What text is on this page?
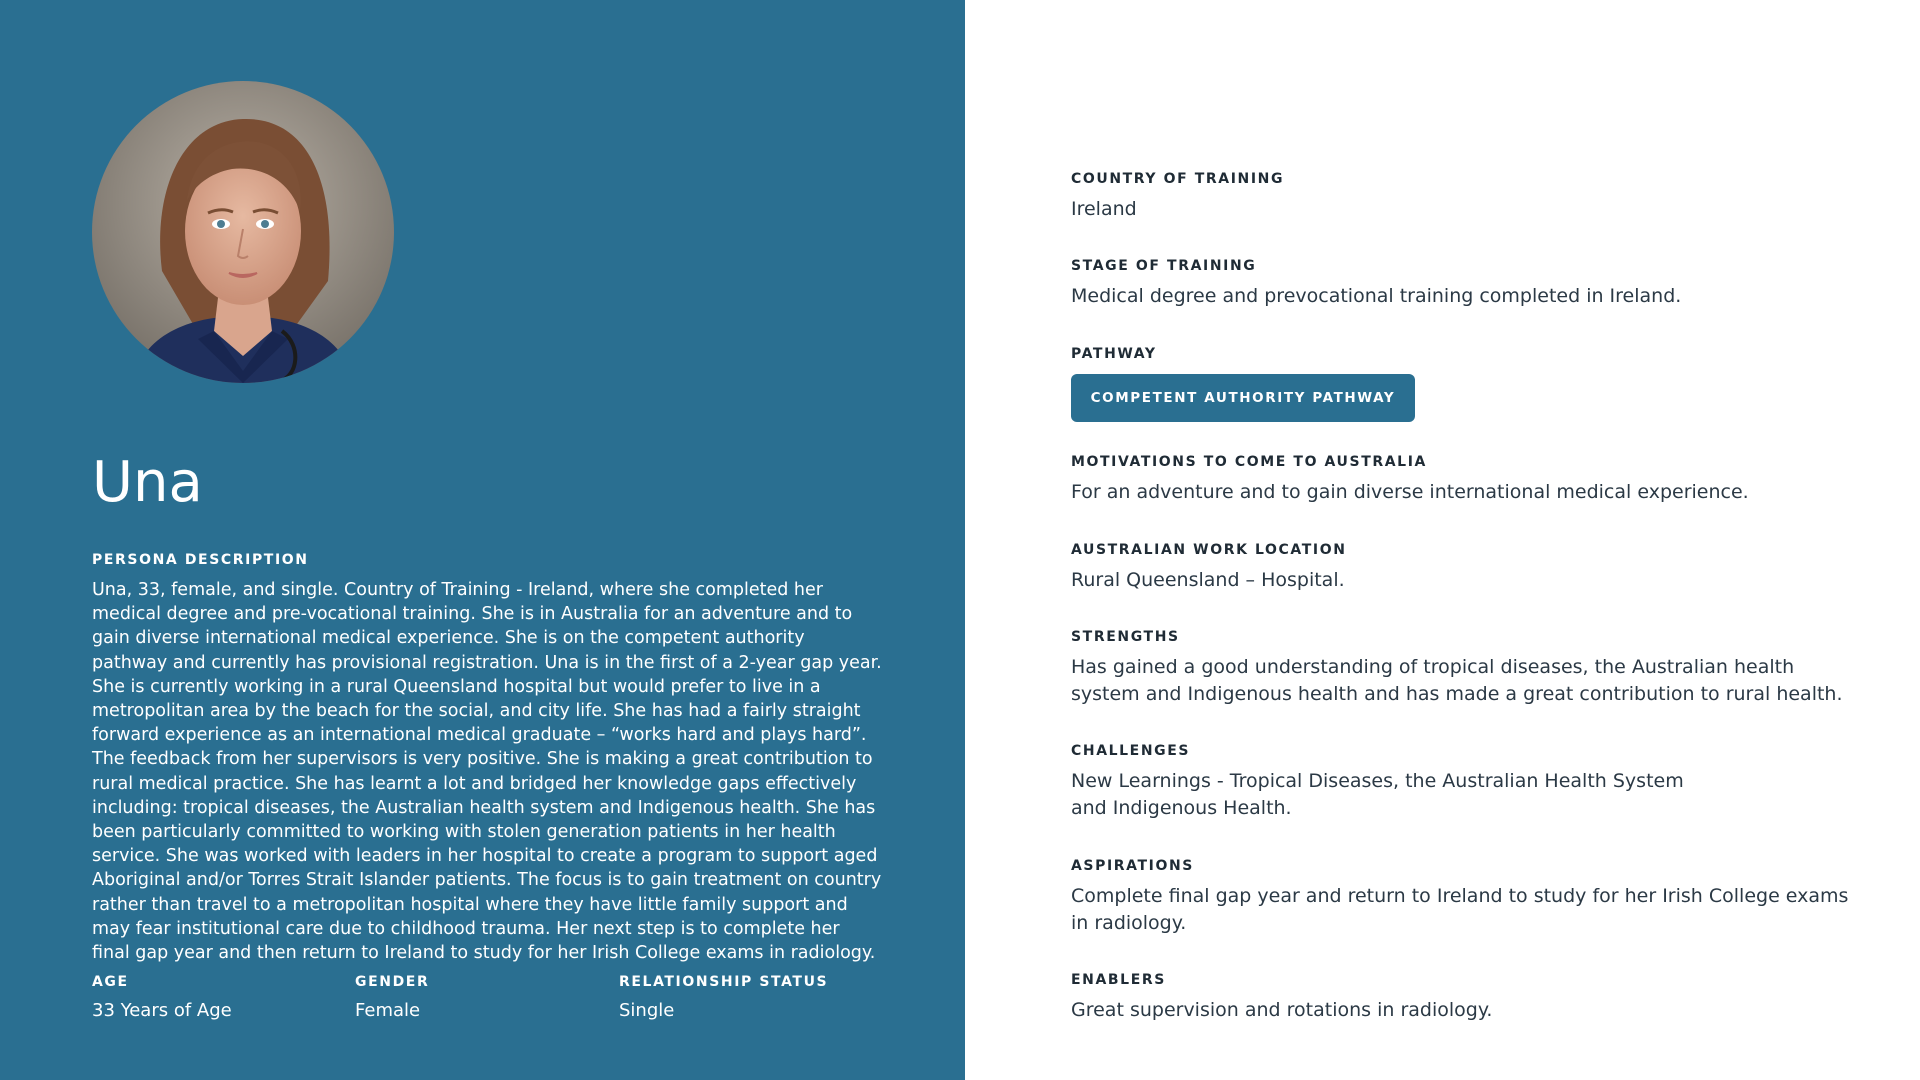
Una
PERSONA DESCRIPTION
Una, 33, female, and single. Country of Training - Ireland, where she completed her medical degree and pre-vocational training. She is in Australia for an adventure and to gain diverse international medical experience. She is on the competent authority pathway and currently has provisional registration. Una is in the first of a 2-year gap year. She is currently working in a rural Queensland hospital but would prefer to live in a metropolitan area by the beach for the social, and city life. She has had a fairly straight forward experience as an international medical graduate – “works hard and plays hard”. The feedback from her supervisors is very positive. She is making a great contribution to rural medical practice. She has learnt a lot and bridged her knowledge gaps effectively including: tropical diseases, the Australian health system and Indigenous health. She has been particularly committed to working with stolen generation patients in her health service. She was worked with leaders in her hospital to create a program to support aged Aboriginal and/or Torres Strait Islander patients. The focus is to gain treatment on country rather than travel to a metropolitan hospital where they have little family support and may fear institutional care due to childhood trauma. Her next step is to complete her final gap year and then return to Ireland to study for her Irish College exams in radiology.
AGE
33 Years of Age
GENDER
Female
RELATIONSHIP STATUS
Single
COUNTRY OF TRAINING
Ireland
STAGE OF TRAINING
Medical degree and prevocational training completed in Ireland.
PATHWAY
COMPETENT AUTHORITY PATHWAY
MOTIVATIONS TO COME TO AUSTRALIA
For an adventure and to gain diverse international medical experience.
AUSTRALIAN WORK LOCATION
Rural Queensland – Hospital.
STRENGTHS
Has gained a good understanding of tropical diseases, the Australian health system and Indigenous health and has made a great contribution to rural health.
CHALLENGES
New Learnings - Tropical Diseases, the Australian Health System and Indigenous Health.
ASPIRATIONS
Complete final gap year and return to Ireland to study for her Irish College exams in radiology.
ENABLERS
Great supervision and rotations in radiology.
